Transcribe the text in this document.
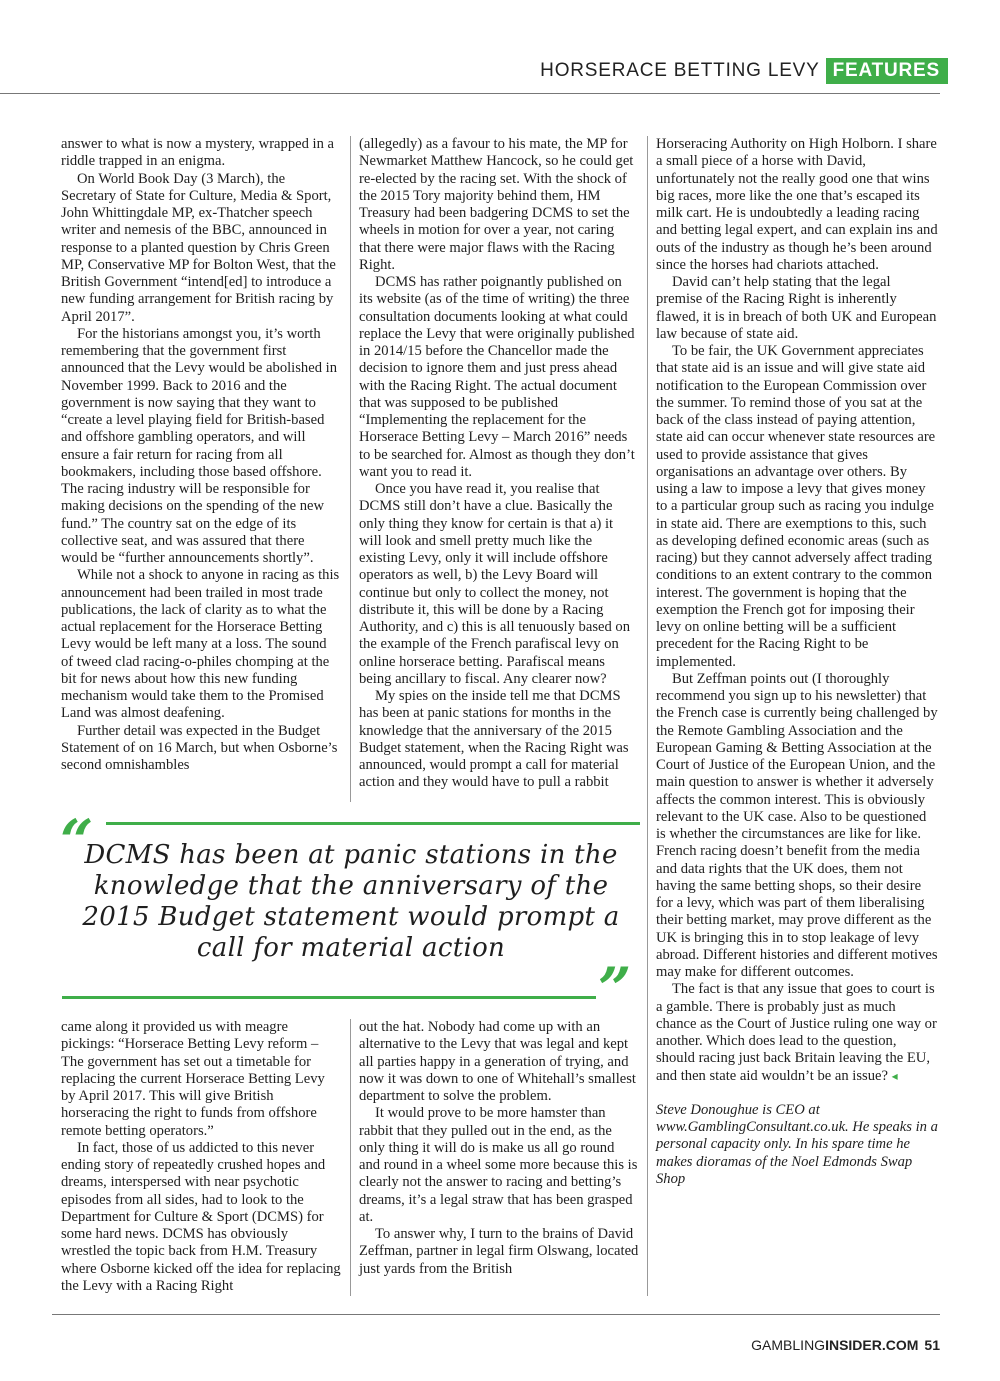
HORSERACE BETTING LEVY FEATURES

answer to what is now a mystery, wrapped in a riddle trapped in an enigma.

On World Book Day (3 March), the Secretary of State for Culture, Media & Sport, John Whittingdale MP, ex-Thatcher speech writer and nemesis of the BBC, announced in response to a planted question by Chris Green MP, Conservative MP for Bolton West, that the British Government “intend[ed] to introduce a new funding arrangement for British racing by April 2017”.

For the historians amongst you, it’s worth remembering that the government first announced that the Levy would be abolished in November 1999. Back to 2016 and the government is now saying that they want to “create a level playing field for British-based and offshore gambling operators, and will ensure a fair return for racing from all bookmakers, including those based offshore. The racing industry will be responsible for making decisions on the spending of the new fund.” The country sat on the edge of its collective seat, and was assured that there would be “further announcements shortly”.

While not a shock to anyone in racing as this announcement had been trailed in most trade publications, the lack of clarity as to what the actual replacement for the Horserace Betting Levy would be left many at a loss. The sound of tweed clad racing-o-philes chomping at the bit for news about how this new funding mechanism would take them to the Promised Land was almost deafening.

Further detail was expected in the Budget Statement of on 16 March, but when Osborne’s second omnishambles

(allegedly) as a favour to his mate, the MP for Newmarket Matthew Hancock, so he could get re-elected by the racing set. With the shock of the 2015 Tory majority behind them, HM Treasury had been badgering DCMS to set the wheels in motion for over a year, not caring that there were major flaws with the Racing Right.

DCMS has rather poignantly published on its website (as of the time of writing) the three consultation documents looking at what could replace the Levy that were originally published in 2014/15 before the Chancellor made the decision to ignore them and just press ahead with the Racing Right. The actual document that was supposed to be published “Implementing the replacement for the Horserace Betting Levy – March 2016” needs to be searched for. Almost as though they don’t want you to read it.

Once you have read it, you realise that DCMS still don’t have a clue. Basically the only thing they know for certain is that a) it will look and smell pretty much like the existing Levy, only it will include offshore operators as well, b) the Levy Board will continue but only to collect the money, not distribute it, this will be done by a Racing Authority, and c) this is all tenuously based on the example of the French parafiscal levy on online horserace betting. Parafiscal means being ancillary to fiscal. Any clearer now?

My spies on the inside tell me that DCMS has been at panic stations for months in the knowledge that the anniversary of the 2015 Budget statement, when the Racing Right was announced, would prompt a call for material action and they would have to pull a rabbit

Horseracing Authority on High Holborn. I share a small piece of a horse with David, unfortunately not the really good one that wins big races, more like the one that’s escaped its milk cart. He is undoubtedly a leading racing and betting legal expert, and can explain ins and outs of the industry as though he’s been around since the horses had chariots attached.

David can’t help stating that the legal premise of the Racing Right is inherently flawed, it is in breach of both UK and European law because of state aid.

To be fair, the UK Government appreciates that state aid is an issue and will give state aid notification to the European Commission over the summer. To remind those of you sat at the back of the class instead of paying attention, state aid can occur whenever state resources are used to provide assistance that gives organisations an advantage over others. By using a law to impose a levy that gives money to a particular group such as racing you indulge in state aid. There are exemptions to this, such as developing defined economic areas (such as racing) but they cannot adversely affect trading conditions to an extent contrary to the common interest. The government is hoping that the exemption the French got for imposing their levy on online betting will be a sufficient precedent for the Racing Right to be implemented.

But Zeffman points out (I thoroughly recommend you sign up to his newsletter) that the French case is currently being challenged by the Remote Gambling Association and the European Gaming & Betting Association at the Court of Justice of the European Union, and the main question to answer is whether it adversely affects the common interest. This is obviously relevant to the UK case. Also to be questioned is whether the circumstances are like for like. French racing doesn’t benefit from the media and data rights that the UK does, them not having the same betting shops, so their desire for a levy, which was part of them liberalising their betting market, may prove different as the UK is bringing this in to stop leakage of levy abroad. Different histories and different motives may make for different outcomes.

The fact is that any issue that goes to court is a gamble. There is probably just as much chance as the Court of Justice ruling one way or another. Which does lead to the question, should racing just back Britain leaving the EU, and then state aid wouldn’t be an issue? ◂

Steve Donoughue is CEO at www.GamblingConsultant.co.uk. He speaks in a personal capacity only. In his spare time he makes dioramas of the Noel Edmonds Swap Shop

“
DCMS has been at panic stations in the knowledge that the anniversary of the 2015 Budget statement would prompt a call for material action
”

came along it provided us with meagre pickings: “Horserace Betting Levy reform – The government has set out a timetable for replacing the current Horserace Betting Levy by April 2017. This will give British horseracing the right to funds from offshore remote betting operators.”

In fact, those of us addicted to this never ending story of repeatedly crushed hopes and dreams, interspersed with near psychotic episodes from all sides, had to look to the Department for Culture & Sport (DCMS) for some hard news. DCMS has obviously wrestled the topic back from H.M. Treasury where Osborne kicked off the idea for replacing the Levy with a Racing Right

out the hat. Nobody had come up with an alternative to the Levy that was legal and kept all parties happy in a generation of trying, and now it was down to one of Whitehall’s smallest department to solve the problem.

It would prove to be more hamster than rabbit that they pulled out in the end, as the only thing it will do is make us all go round and round in a wheel some more because this is clearly not the answer to racing and betting’s dreams, it’s a legal straw that has been grasped at.

To answer why, I turn to the brains of David Zeffman, partner in legal firm Olswang, located just yards from the British

GAMBLINGINSIDER.COM 51
